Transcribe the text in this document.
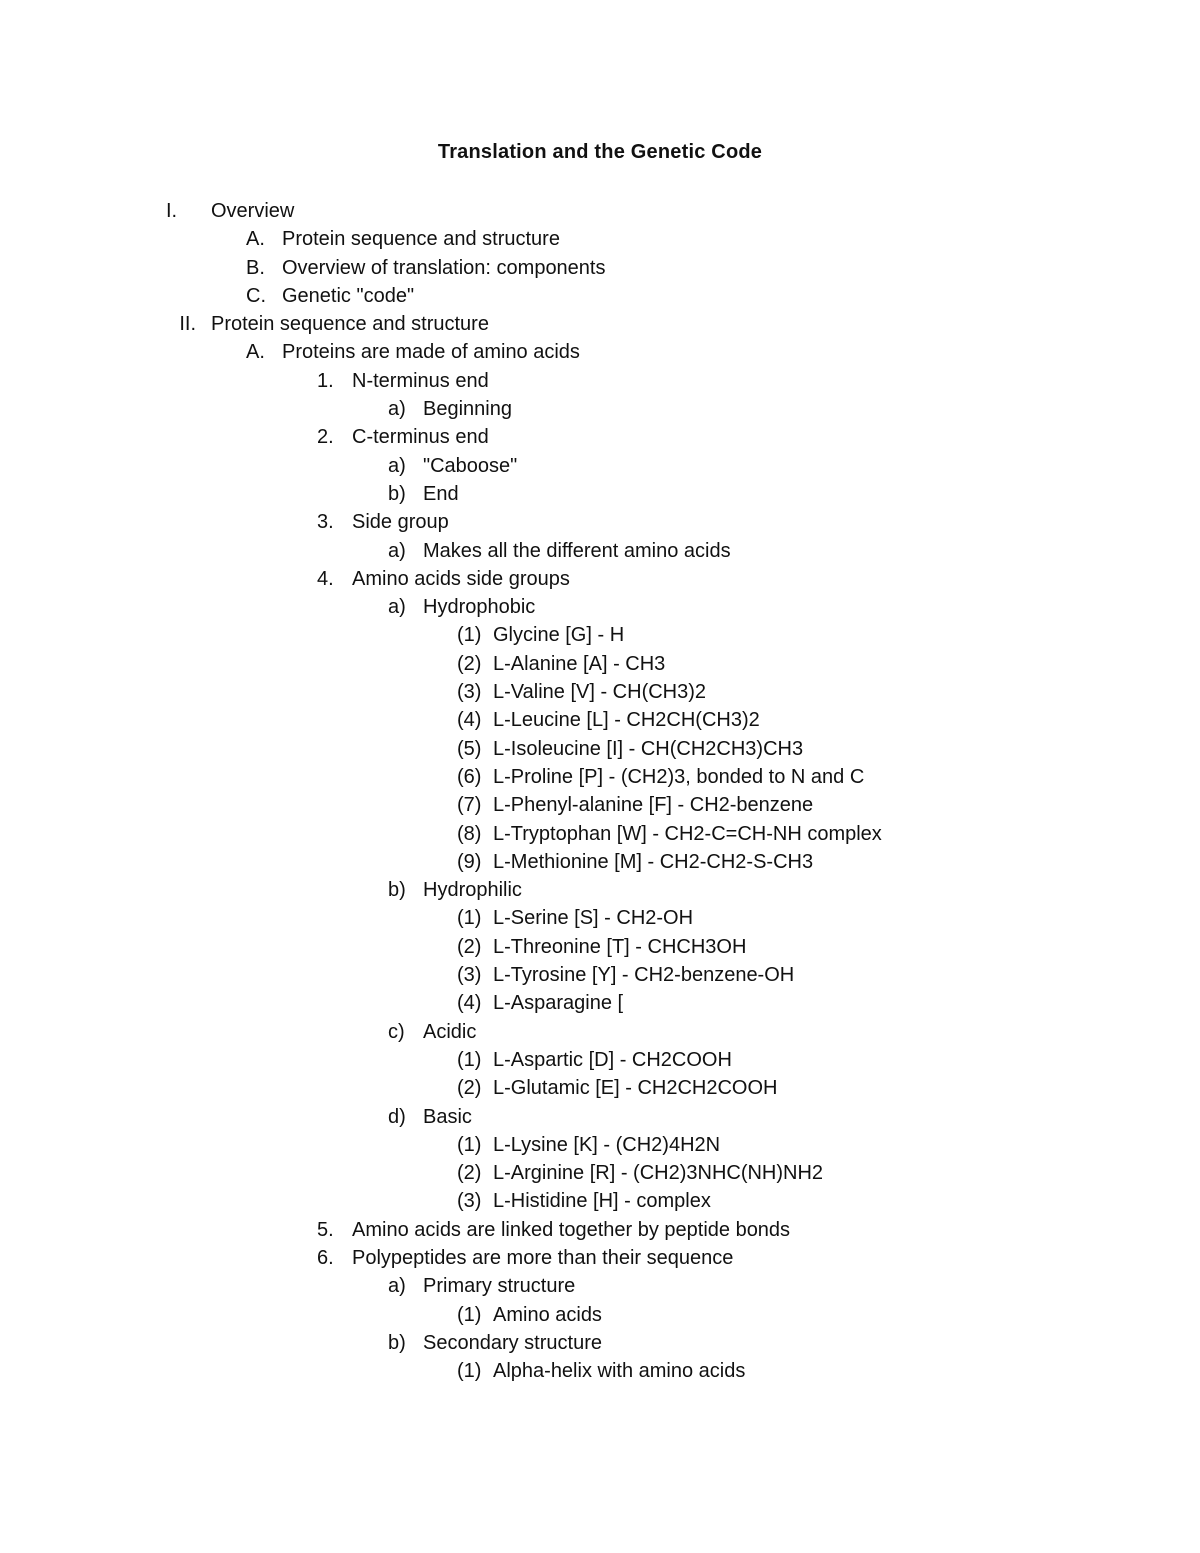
Translation and the Genetic Code
I.	Overview
A. Protein sequence and structure
B. Overview of translation: components
C. Genetic "code"
II. Protein sequence and structure
A. Proteins are made of amino acids
1. N-terminus end
a) Beginning
2. C-terminus end
a) "Caboose"
b) End
3. Side group
a) Makes all the different amino acids
4. Amino acids side groups
a) Hydrophobic
(1) Glycine [G] - H
(2) L-Alanine [A] - CH3
(3) L-Valine [V] - CH(CH3)2
(4) L-Leucine [L] - CH2CH(CH3)2
(5) L-Isoleucine [I] - CH(CH2CH3)CH3
(6) L-Proline [P] - (CH2)3, bonded to N and C
(7) L-Phenyl-alanine [F] - CH2-benzene
(8) L-Tryptophan [W] - CH2-C=CH-NH complex
(9) L-Methionine [M] - CH2-CH2-S-CH3
b) Hydrophilic
(1) L-Serine [S] - CH2-OH
(2) L-Threonine [T] - CHCH3OH
(3) L-Tyrosine [Y] - CH2-benzene-OH
(4) L-Asparagine [
c) Acidic
(1) L-Aspartic [D] - CH2COOH
(2) L-Glutamic [E] - CH2CH2COOH
d) Basic
(1) L-Lysine [K] - (CH2)4H2N
(2) L-Arginine [R] - (CH2)3NHC(NH)NH2
(3) L-Histidine [H] - complex
5. Amino acids are linked together by peptide bonds
6. Polypeptides are more than their sequence
a) Primary structure
(1) Amino acids
b) Secondary structure
(1) Alpha-helix with amino acids
